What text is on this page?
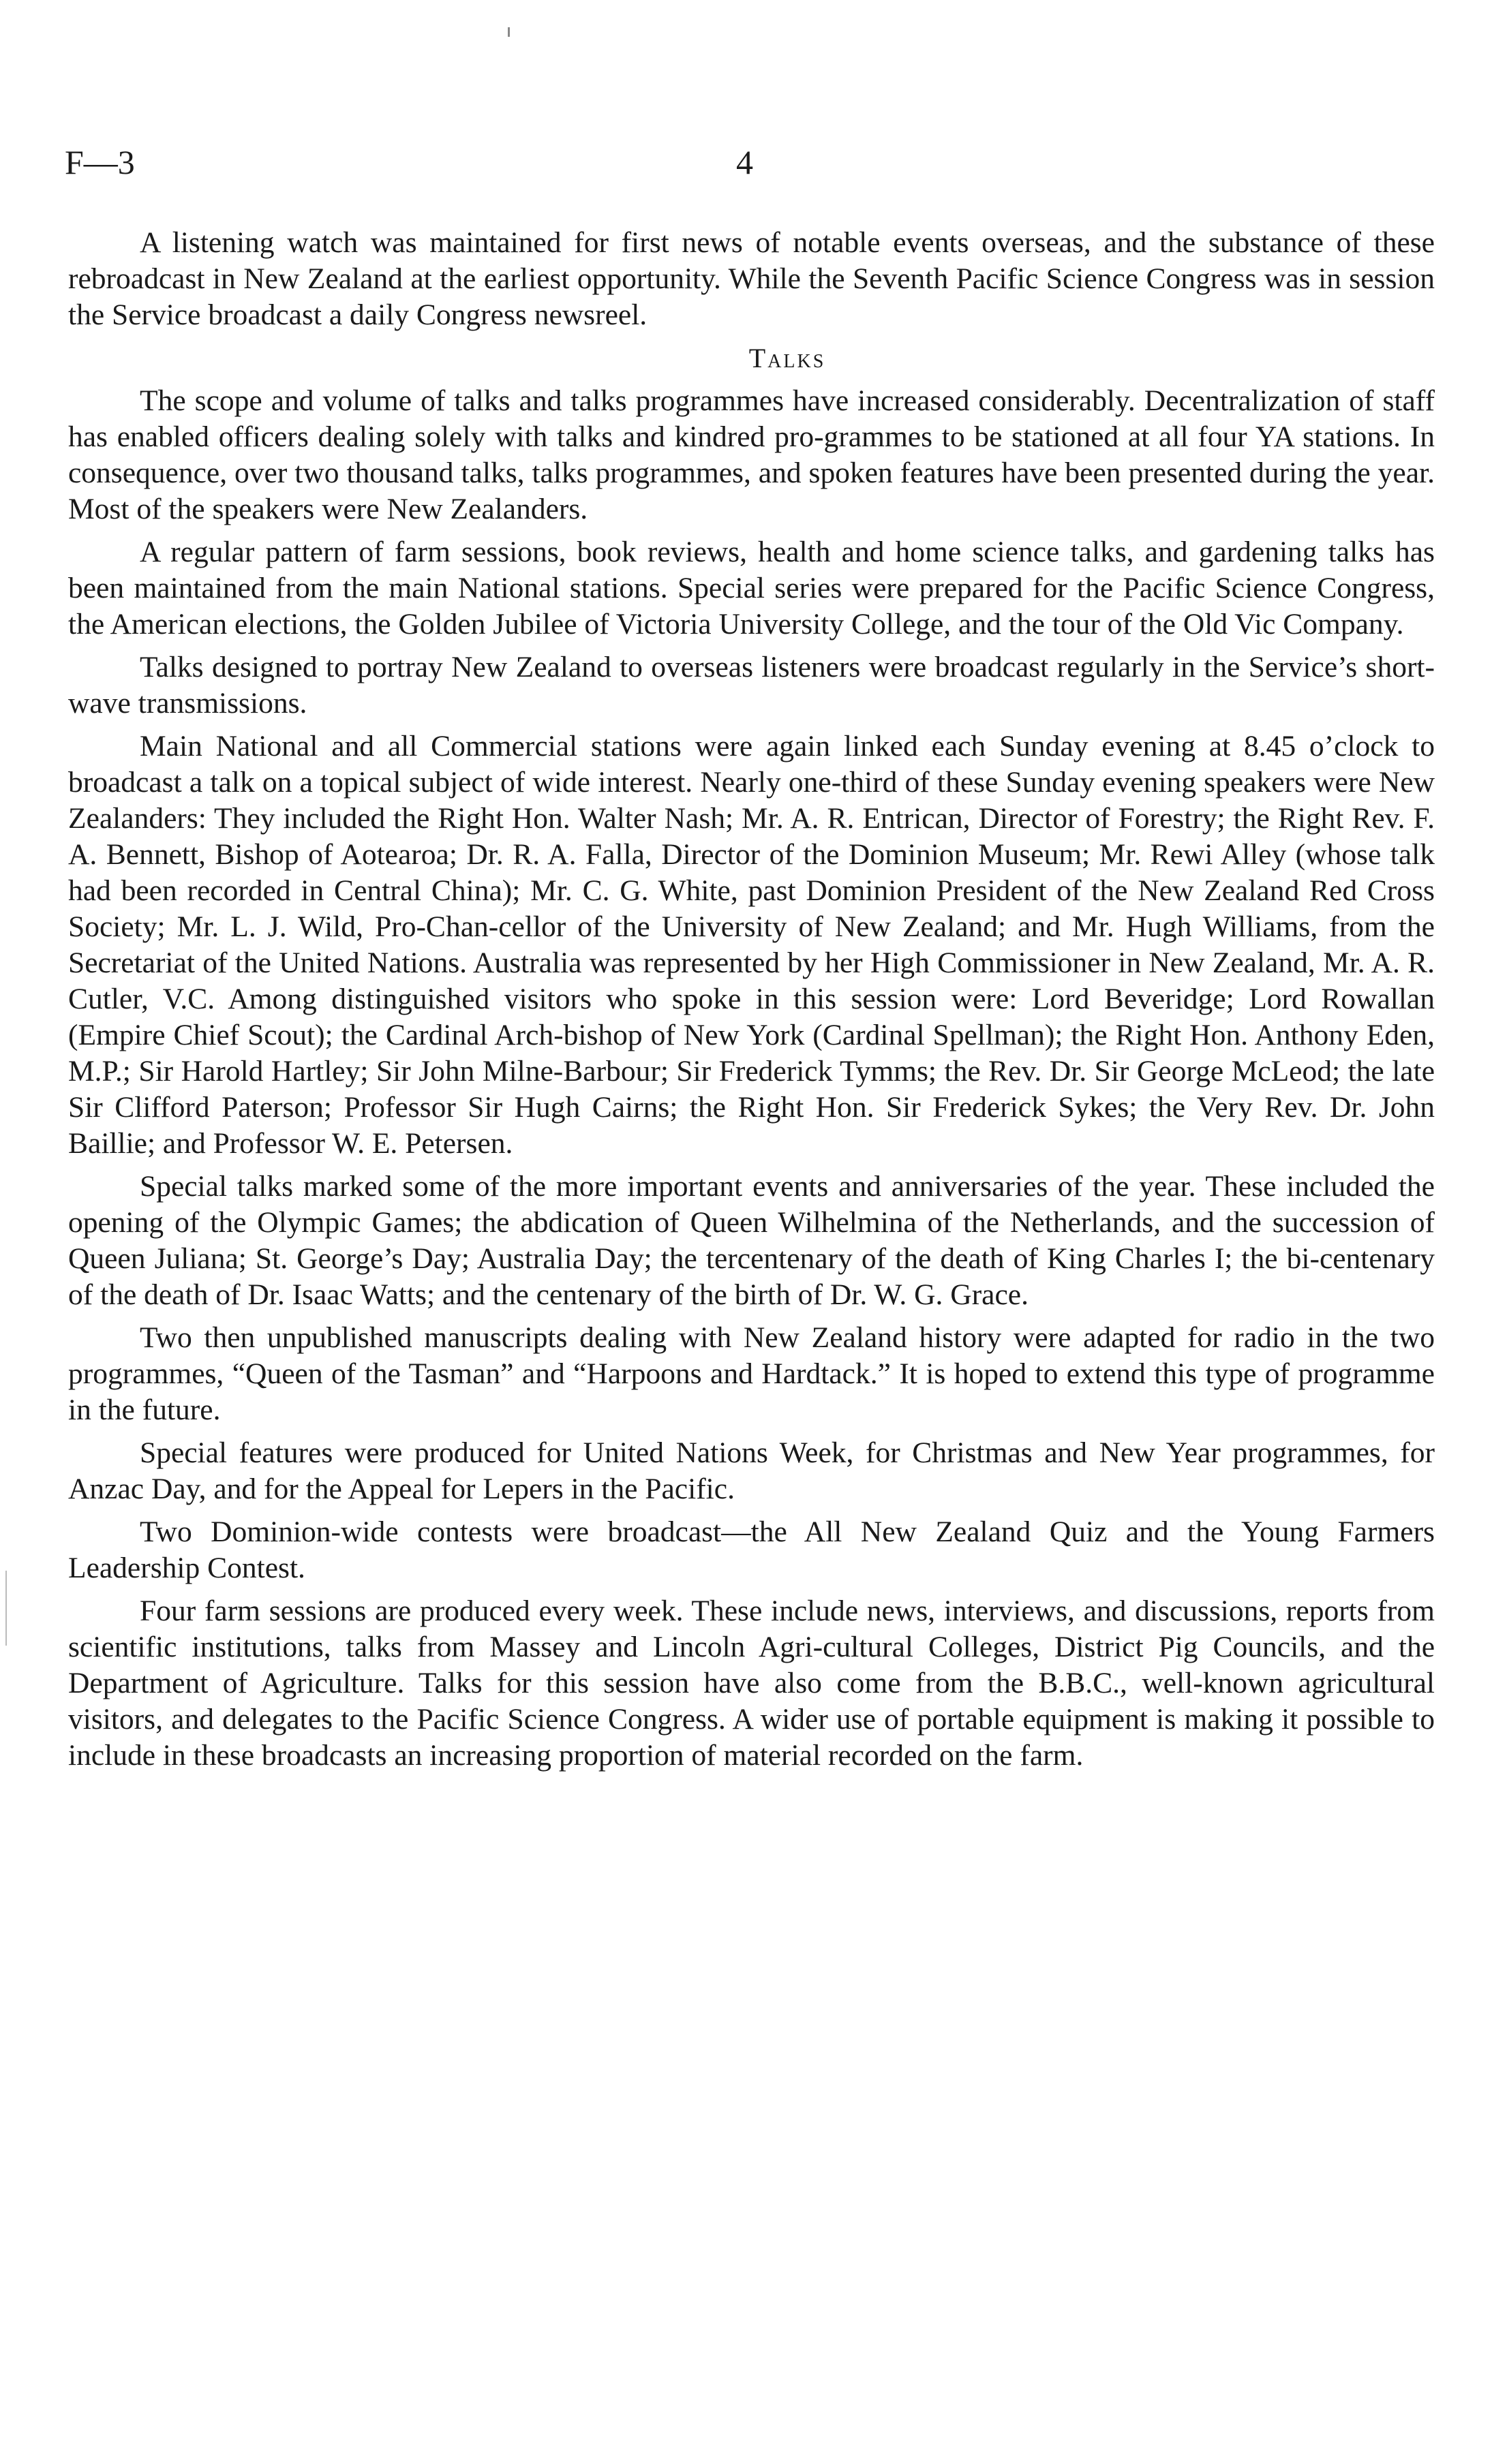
F—3	4

A listening watch was maintained for first news of notable events overseas, and the substance of these rebroadcast in New Zealand at the earliest opportunity. While the Seventh Pacific Science Congress was in session the Service broadcast a daily Congress newsreel.

Talks

The scope and volume of talks and talks programmes have increased considerably. Decentralization of staff has enabled officers dealing solely with talks and kindred pro-grammes to be stationed at all four YA stations. In consequence, over two thousand talks, talks programmes, and spoken features have been presented during the year. Most of the speakers were New Zealanders.

A regular pattern of farm sessions, book reviews, health and home science talks, and gardening talks has been maintained from the main National stations. Special series were prepared for the Pacific Science Congress, the American elections, the Golden Jubilee of Victoria University College, and the tour of the Old Vic Company.

Talks designed to portray New Zealand to overseas listeners were broadcast regularly in the Service’s short-wave transmissions.

Main National and all Commercial stations were again linked each Sunday evening at 8.45 o’clock to broadcast a talk on a topical subject of wide interest. Nearly one-third of these Sunday evening speakers were New Zealanders: They included the Right Hon. Walter Nash; Mr. A. R. Entrican, Director of Forestry; the Right Rev. F. A. Bennett, Bishop of Aotearoa; Dr. R. A. Falla, Director of the Dominion Museum; Mr. Rewi Alley (whose talk had been recorded in Central China); Mr. C. G. White, past Dominion President of the New Zealand Red Cross Society; Mr. L. J. Wild, Pro-Chan-cellor of the University of New Zealand; and Mr. Hugh Williams, from the Secretariat of the United Nations. Australia was represented by her High Commissioner in New Zealand, Mr. A. R. Cutler, V.C. Among distinguished visitors who spoke in this session were: Lord Beveridge; Lord Rowallan (Empire Chief Scout); the Cardinal Arch-bishop of New York (Cardinal Spellman); the Right Hon. Anthony Eden, M.P.; Sir Harold Hartley; Sir John Milne-Barbour; Sir Frederick Tymms; the Rev. Dr. Sir George McLeod; the late Sir Clifford Paterson; Professor Sir Hugh Cairns; the Right Hon. Sir Frederick Sykes; the Very Rev. Dr. John Baillie; and Professor W. E. Petersen.

Special talks marked some of the more important events and anniversaries of the year. These included the opening of the Olympic Games; the abdication of Queen Wilhelmina of the Netherlands, and the succession of Queen Juliana; St. George’s Day; Australia Day; the tercentenary of the death of King Charles I; the bi-centenary of the death of Dr. Isaac Watts; and the centenary of the birth of Dr. W. G. Grace.

Two then unpublished manuscripts dealing with New Zealand history were adapted for radio in the two programmes, “Queen of the Tasman” and “Harpoons and Hardtack.” It is hoped to extend this type of programme in the future.

Special features were produced for United Nations Week, for Christmas and New Year programmes, for Anzac Day, and for the Appeal for Lepers in the Pacific.

Two Dominion-wide contests were broadcast—the All New Zealand Quiz and the Young Farmers Leadership Contest.

Four farm sessions are produced every week. These include news, interviews, and discussions, reports from scientific institutions, talks from Massey and Lincoln Agri-cultural Colleges, District Pig Councils, and the Department of Agriculture. Talks for this session have also come from the B.B.C., well-known agricultural visitors, and delegates to the Pacific Science Congress. A wider use of portable equipment is making it possible to include in these broadcasts an increasing proportion of material recorded on the farm.
